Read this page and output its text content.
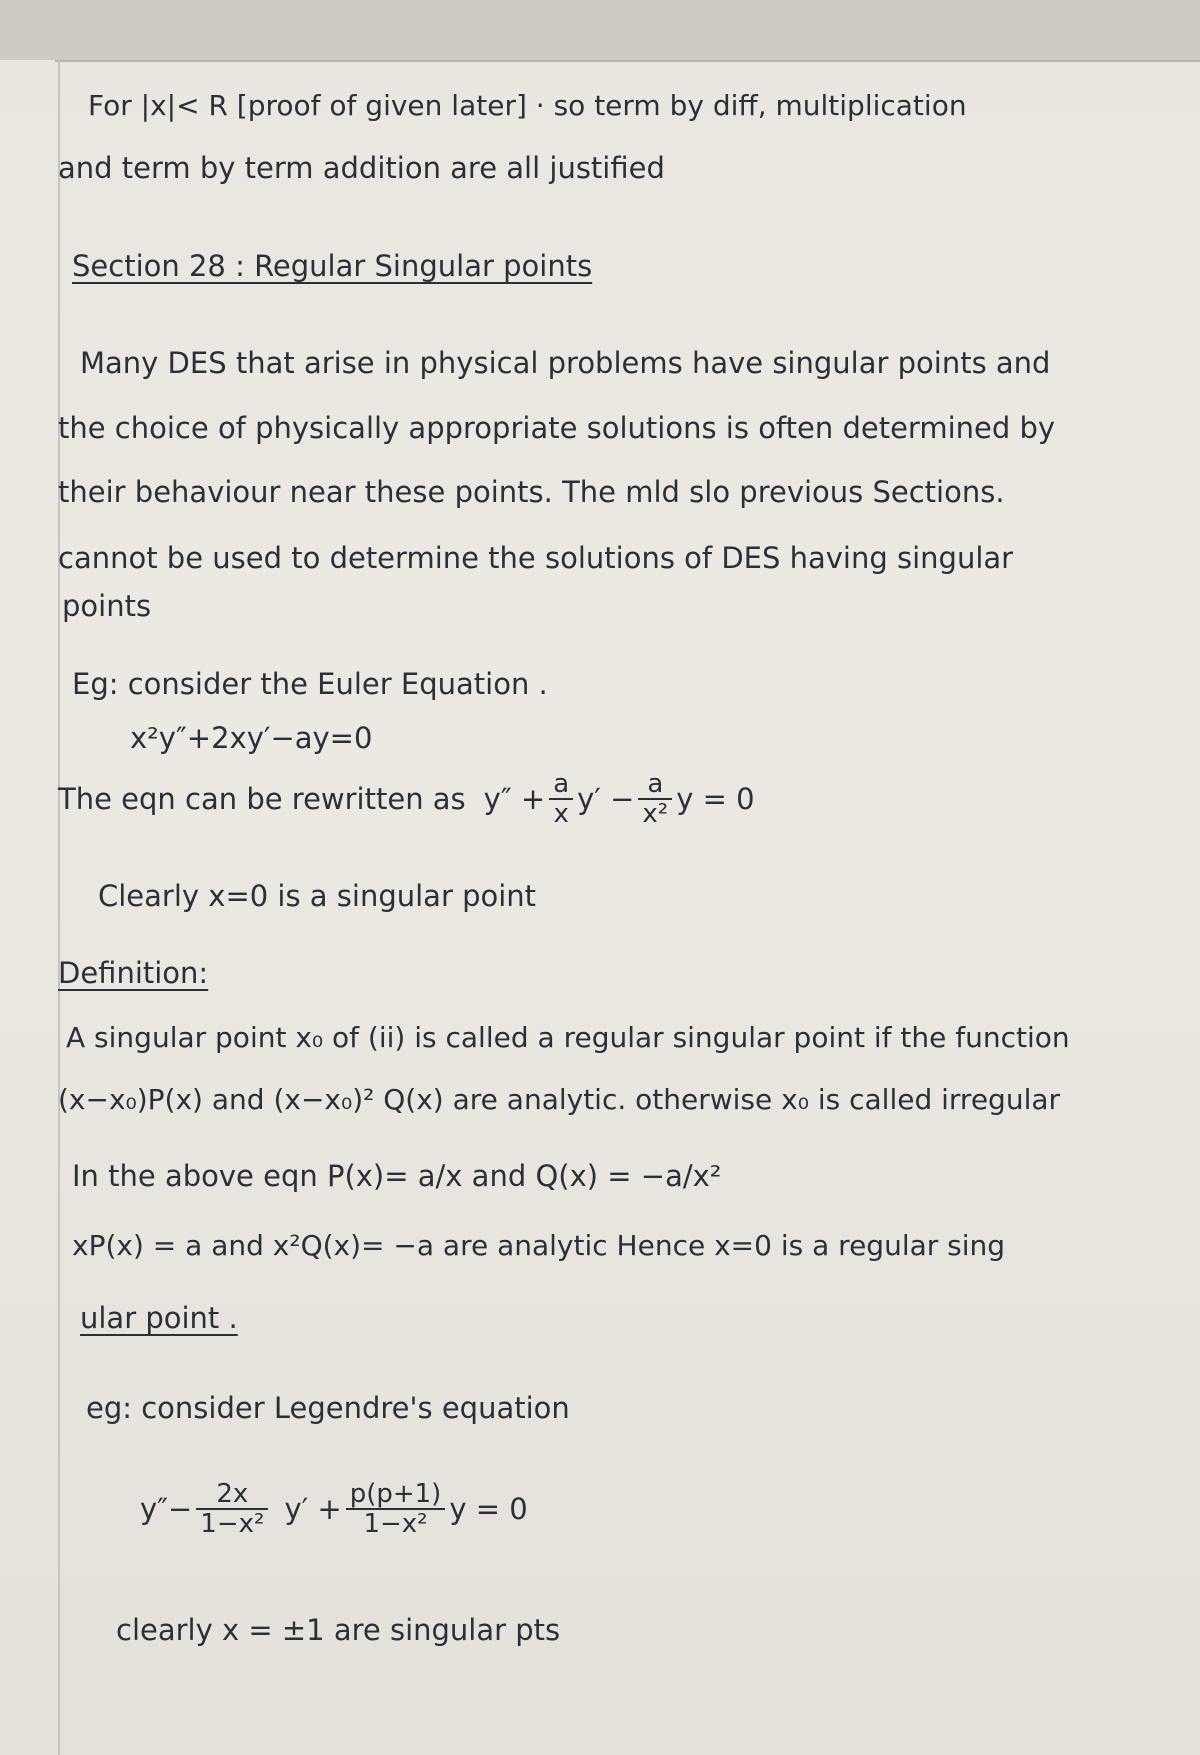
For |x|< R [proof of given later] · so term by diff, multiplication

and term by term addition are all justified

Section 28 : Regular Singular points

Many DES that arise in physical problems have singular points and

the choice of physically appropriate solutions is often determined by

their behaviour near these points. The mld slo previous Sections.

cannot be used to determine the solutions of DES having singular

points

Eg: consider the Euler Equation .

x²y″+2xy′−ay=0

The eqn can be rewritten as $y'' + \frac{a}{x} y' - \frac{a}{\text{x²}}$ y = 0

Clearly x=0 is a singular point

Definition:

A singular point x₀ of (ii) is called a regular singular point if the function

(x−x₀)P(x) and (x−x₀)² Q(x) are analytic. otherwise x₀ is called irregular

In the above eqn P(x)= a/x and Q(x) = −a/x²

xP(x) = a and x²Q(x)= −a are analytic Hence x=0 is a regular sing

ular point .

eg: consider Legendre's equation

$y''- \frac{2x}{\text{1−x²}} y' + \frac{p(p+1)}{\text{1−x²}}$ y = 0

clearly x = ±1 are singular pts
